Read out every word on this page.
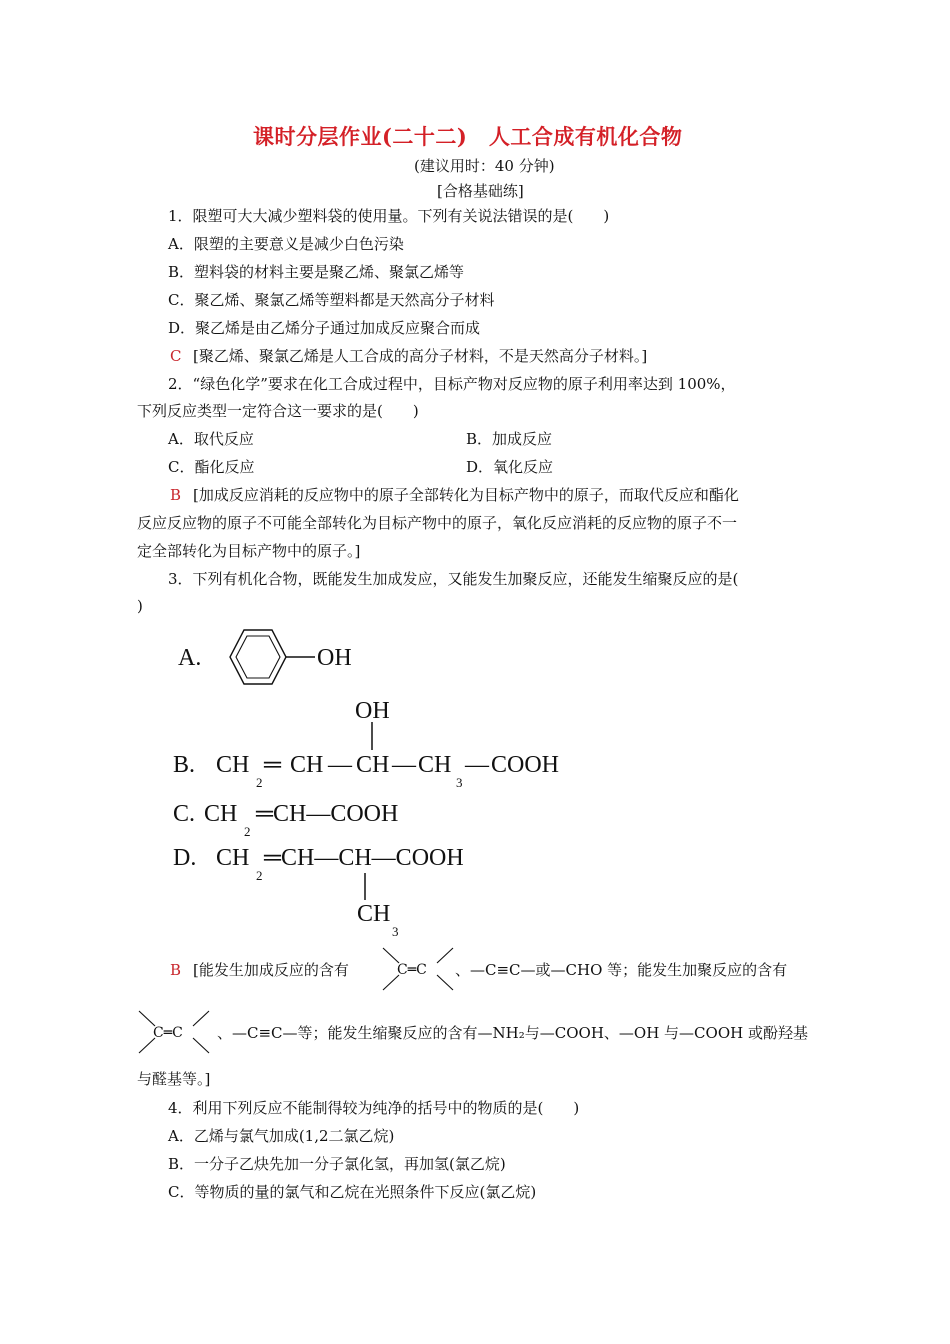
课时分层作业(二十二)　人工合成有机化合物
(建议用时：40 分钟)
[合格基础练]
1．限塑可大大减少塑料袋的使用量。下列有关说法错误的是(　　)
A．限塑的主要意义是减少白色污染
B．塑料袋的材料主要是聚乙烯、聚氯乙烯等
C．聚乙烯、聚氯乙烯等塑料都是天然高分子材料
D．聚乙烯是由乙烯分子通过加成反应聚合而成
C [聚乙烯、聚氯乙烯是人工合成的高分子材料，不是天然高分子材料。]
2．“绿色化学”要求在化工合成过程中，目标产物对反应物的原子利用率达到 100%，
下列反应类型一定符合这一要求的是(　　)
A．取代反应	B．加成反应
C．酯化反应	D．氧化反应
B [加成反应消耗的反应物中的原子全部转化为目标产物中的原子，而取代反应和酯化
反应反应物的原子不可能全部转化为目标产物中的原子，氧化反应消耗的反应物的原子不一
定全部转化为目标产物中的原子。]
3．下列有机化合物，既能发生加成发应，又能发生加聚反应，还能发生缩聚反应的是(
)
A.	OH
OH
B. CH
2
═ CH — CH — CH
3
— COOH
C. CH
2
═CH—COOH
D. CH
2
═CH—CH—COOH
CH
3
B [能发生加成反应的含有	C═C 、—C≡C—或—CHO 等；能发生加聚反应的含有
C═C 、—C≡C—等；能发生缩聚反应的含有—NH₂与—COOH、—OH 与—COOH 或酚羟基
与醛基等。]
4．利用下列反应不能制得较为纯净的括号中的物质的是(　　)
A．乙烯与氯气加成(1,2二氯乙烷)
B．一分子乙炔先加一分子氯化氢，再加氢(氯乙烷)
C．等物质的量的氯气和乙烷在光照条件下反应(氯乙烷)
